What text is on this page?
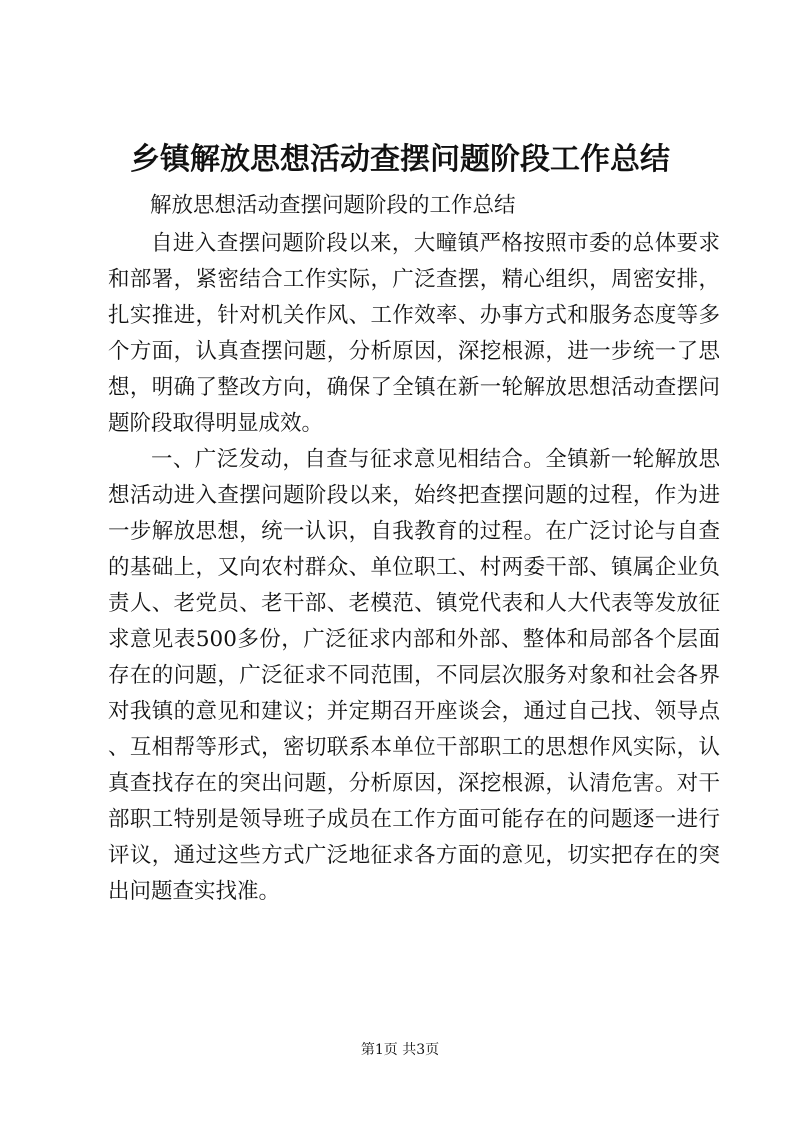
乡镇解放思想活动查摆问题阶段工作总结

解放思想活动查摆问题阶段的工作总结

自进入查摆问题阶段以来，大疃镇严格按照市委的总体要求和部署，紧密结合工作实际，广泛查摆，精心组织，周密安排，扎实推进，针对机关作风、工作效率、办事方式和服务态度等多个方面，认真查摆问题，分析原因，深挖根源，进一步统一了思想，明确了整改方向，确保了全镇在新一轮解放思想活动查摆问题阶段取得明显成效。

一、广泛发动，自查与征求意见相结合。全镇新一轮解放思想活动进入查摆问题阶段以来，始终把查摆问题的过程，作为进一步解放思想，统一认识，自我教育的过程。在广泛讨论与自查的基础上，又向农村群众、单位职工、村两委干部、镇属企业负责人、老党员、老干部、老模范、镇党代表和人大代表等发放征求意见表500多份，广泛征求内部和外部、整体和局部各个层面存在的问题，广泛征求不同范围，不同层次服务对象和社会各界对我镇的意见和建议；并定期召开座谈会，通过自己找、领导点、互相帮等形式，密切联系本单位干部职工的思想作风实际，认真查找存在的突出问题，分析原因，深挖根源，认清危害。对干部职工特别是领导班子成员在工作方面可能存在的问题逐一进行评议，通过这些方式广泛地征求各方面的意见，切实把存在的突出问题查实找准。

第1页 共3页
